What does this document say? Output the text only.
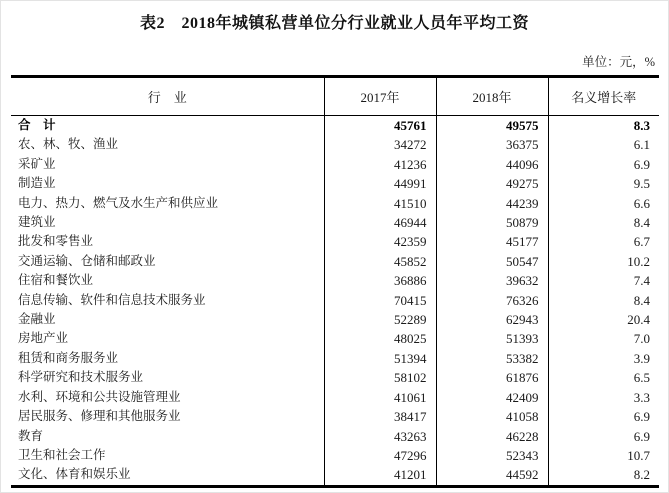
表2　2018年城镇私营单位分行业就业人员年平均工资
单位：元，%
行　业	2017年	2018年	名义增长率
合　计	45761	49575	8.3
农、林、牧、渔业	34272	36375	6.1
采矿业	41236	44096	6.9
制造业	44991	49275	9.5
电力、热力、燃气及水生产和供应业	41510	44239	6.6
建筑业	46944	50879	8.4
批发和零售业	42359	45177	6.7
交通运输、仓储和邮政业	45852	50547	10.2
住宿和餐饮业	36886	39632	7.4
信息传输、软件和信息技术服务业	70415	76326	8.4
金融业	52289	62943	20.4
房地产业	48025	51393	7.0
租赁和商务服务业	51394	53382	3.9
科学研究和技术服务业	58102	61876	6.5
水利、环境和公共设施管理业	41061	42409	3.3
居民服务、修理和其他服务业	38417	41058	6.9
教育	43263	46228	6.9
卫生和社会工作	47296	52343	10.7
文化、体育和娱乐业	41201	44592	8.2
